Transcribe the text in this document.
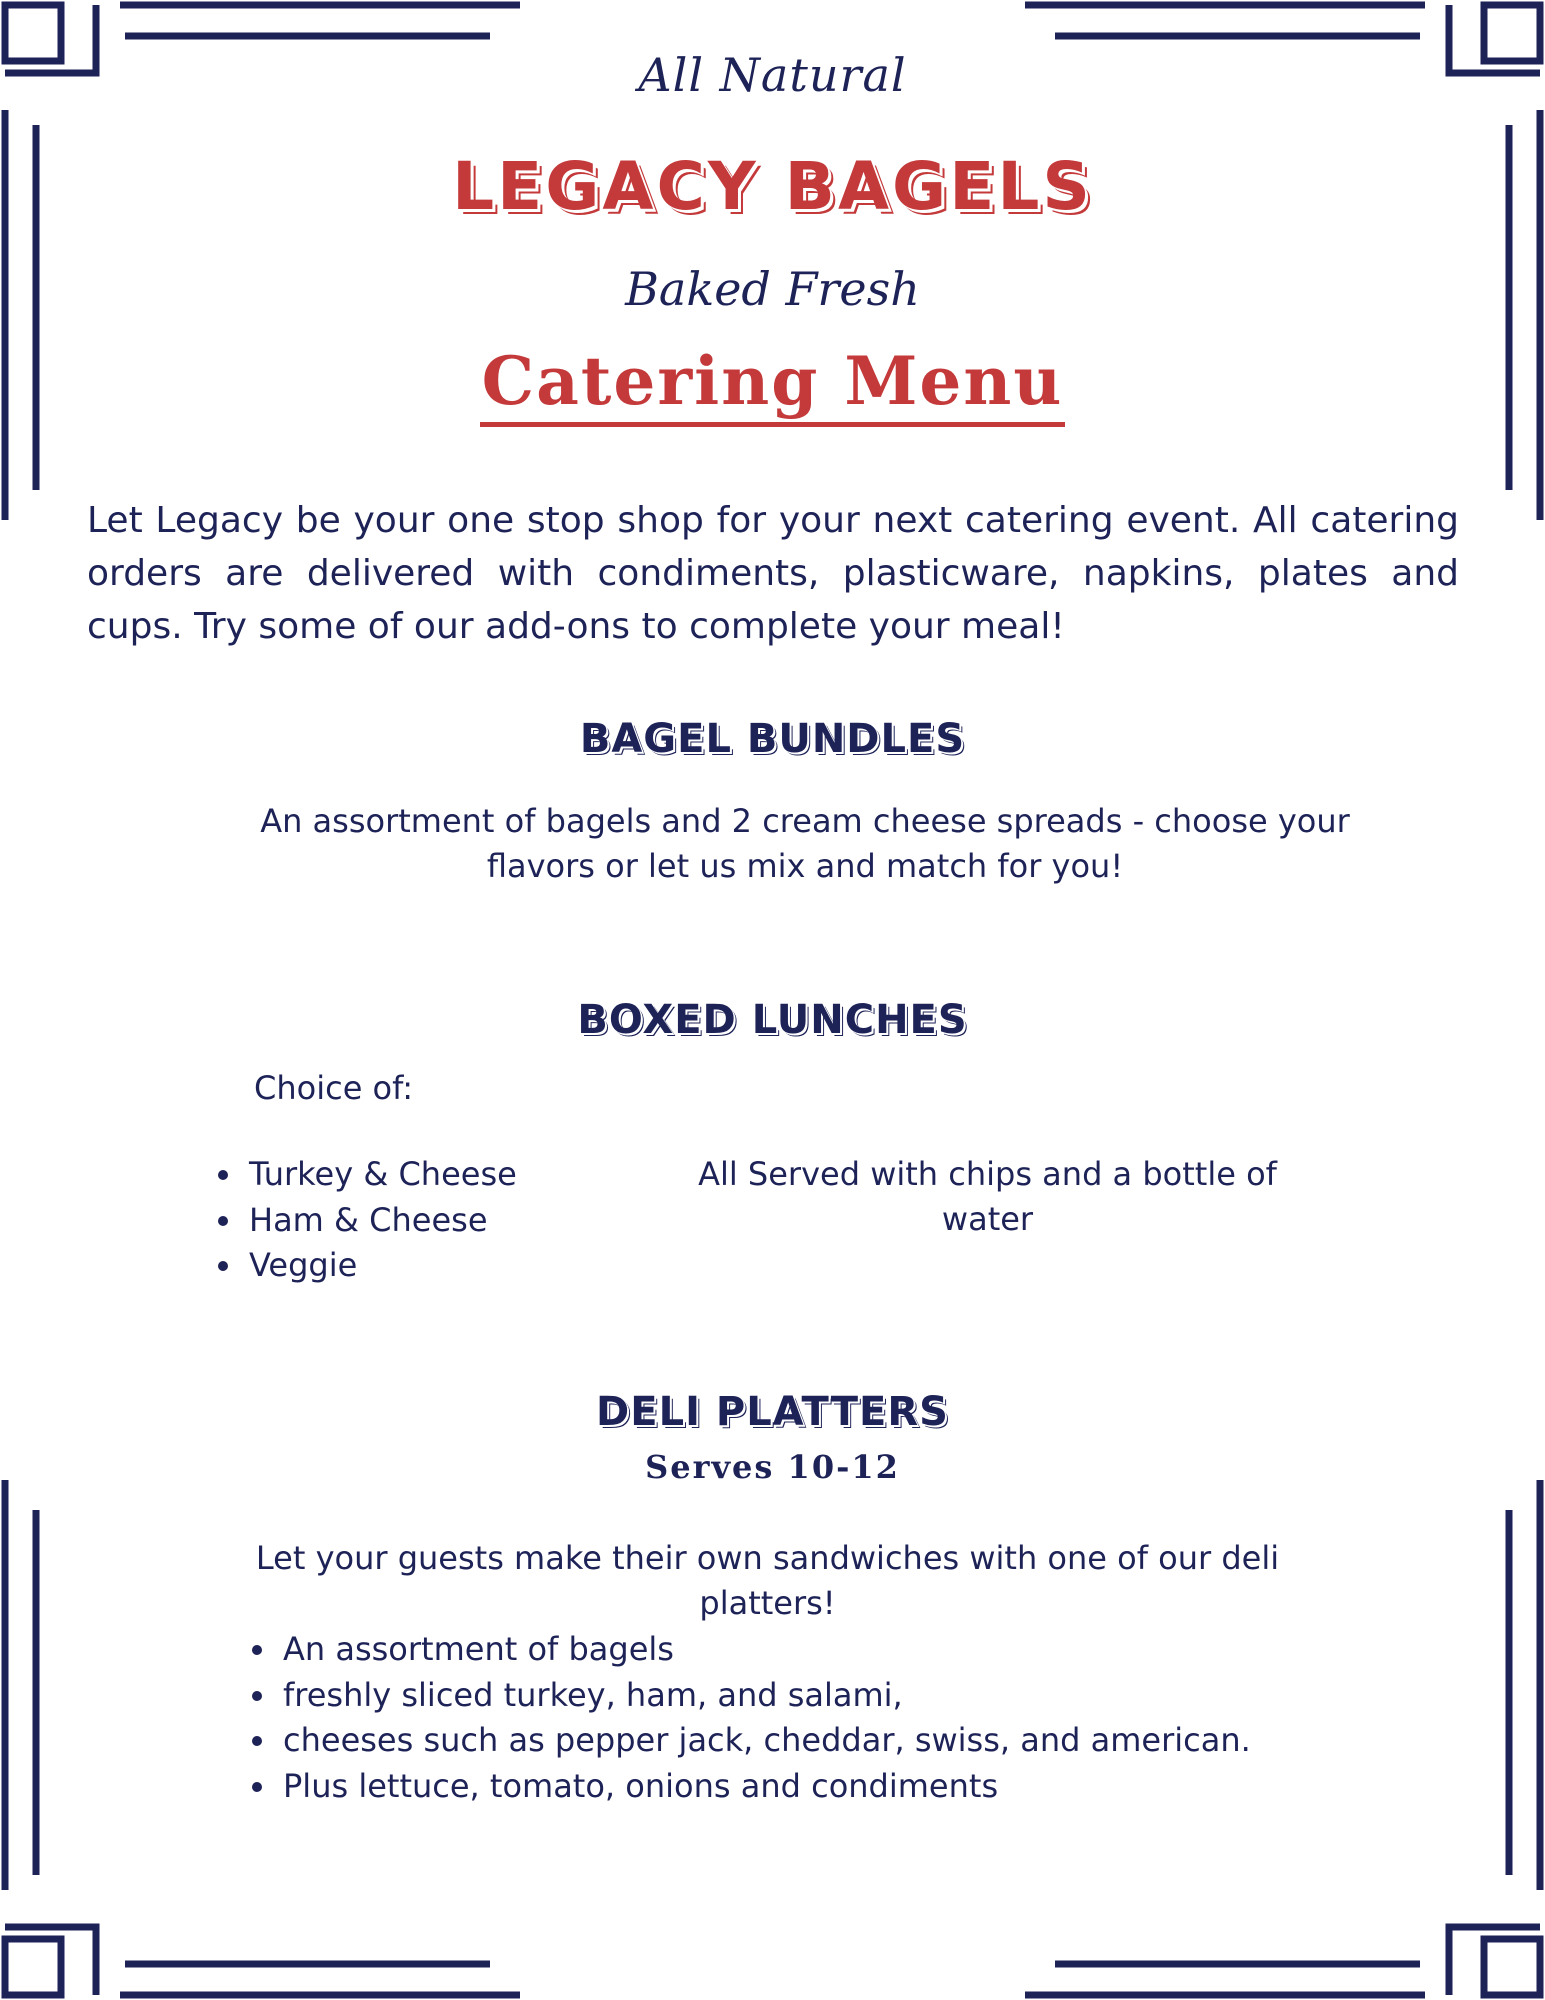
All Natural

LEGACY BAGELS

Baked Fresh

Catering Menu

Let Legacy be your one stop shop for your next catering event. All catering orders are delivered with condiments, plasticware, napkins, plates and cups. Try some of our add-ons to complete your meal!

BAGEL BUNDLES

An assortment of bagels and 2 cream cheese spreads - choose your flavors or let us mix and match for you!

BOXED LUNCHES

Choice of:

• Turkey & Cheese
• Ham & Cheese
• Veggie

All Served with chips and a bottle of water

DELI PLATTERS

Serves 10-12

Let your guests make their own sandwiches with one of our deli platters!

• An assortment of bagels
• freshly sliced turkey, ham, and salami,
• cheeses such as pepper jack, cheddar, swiss, and american.
• Plus lettuce, tomato, onions and condiments
